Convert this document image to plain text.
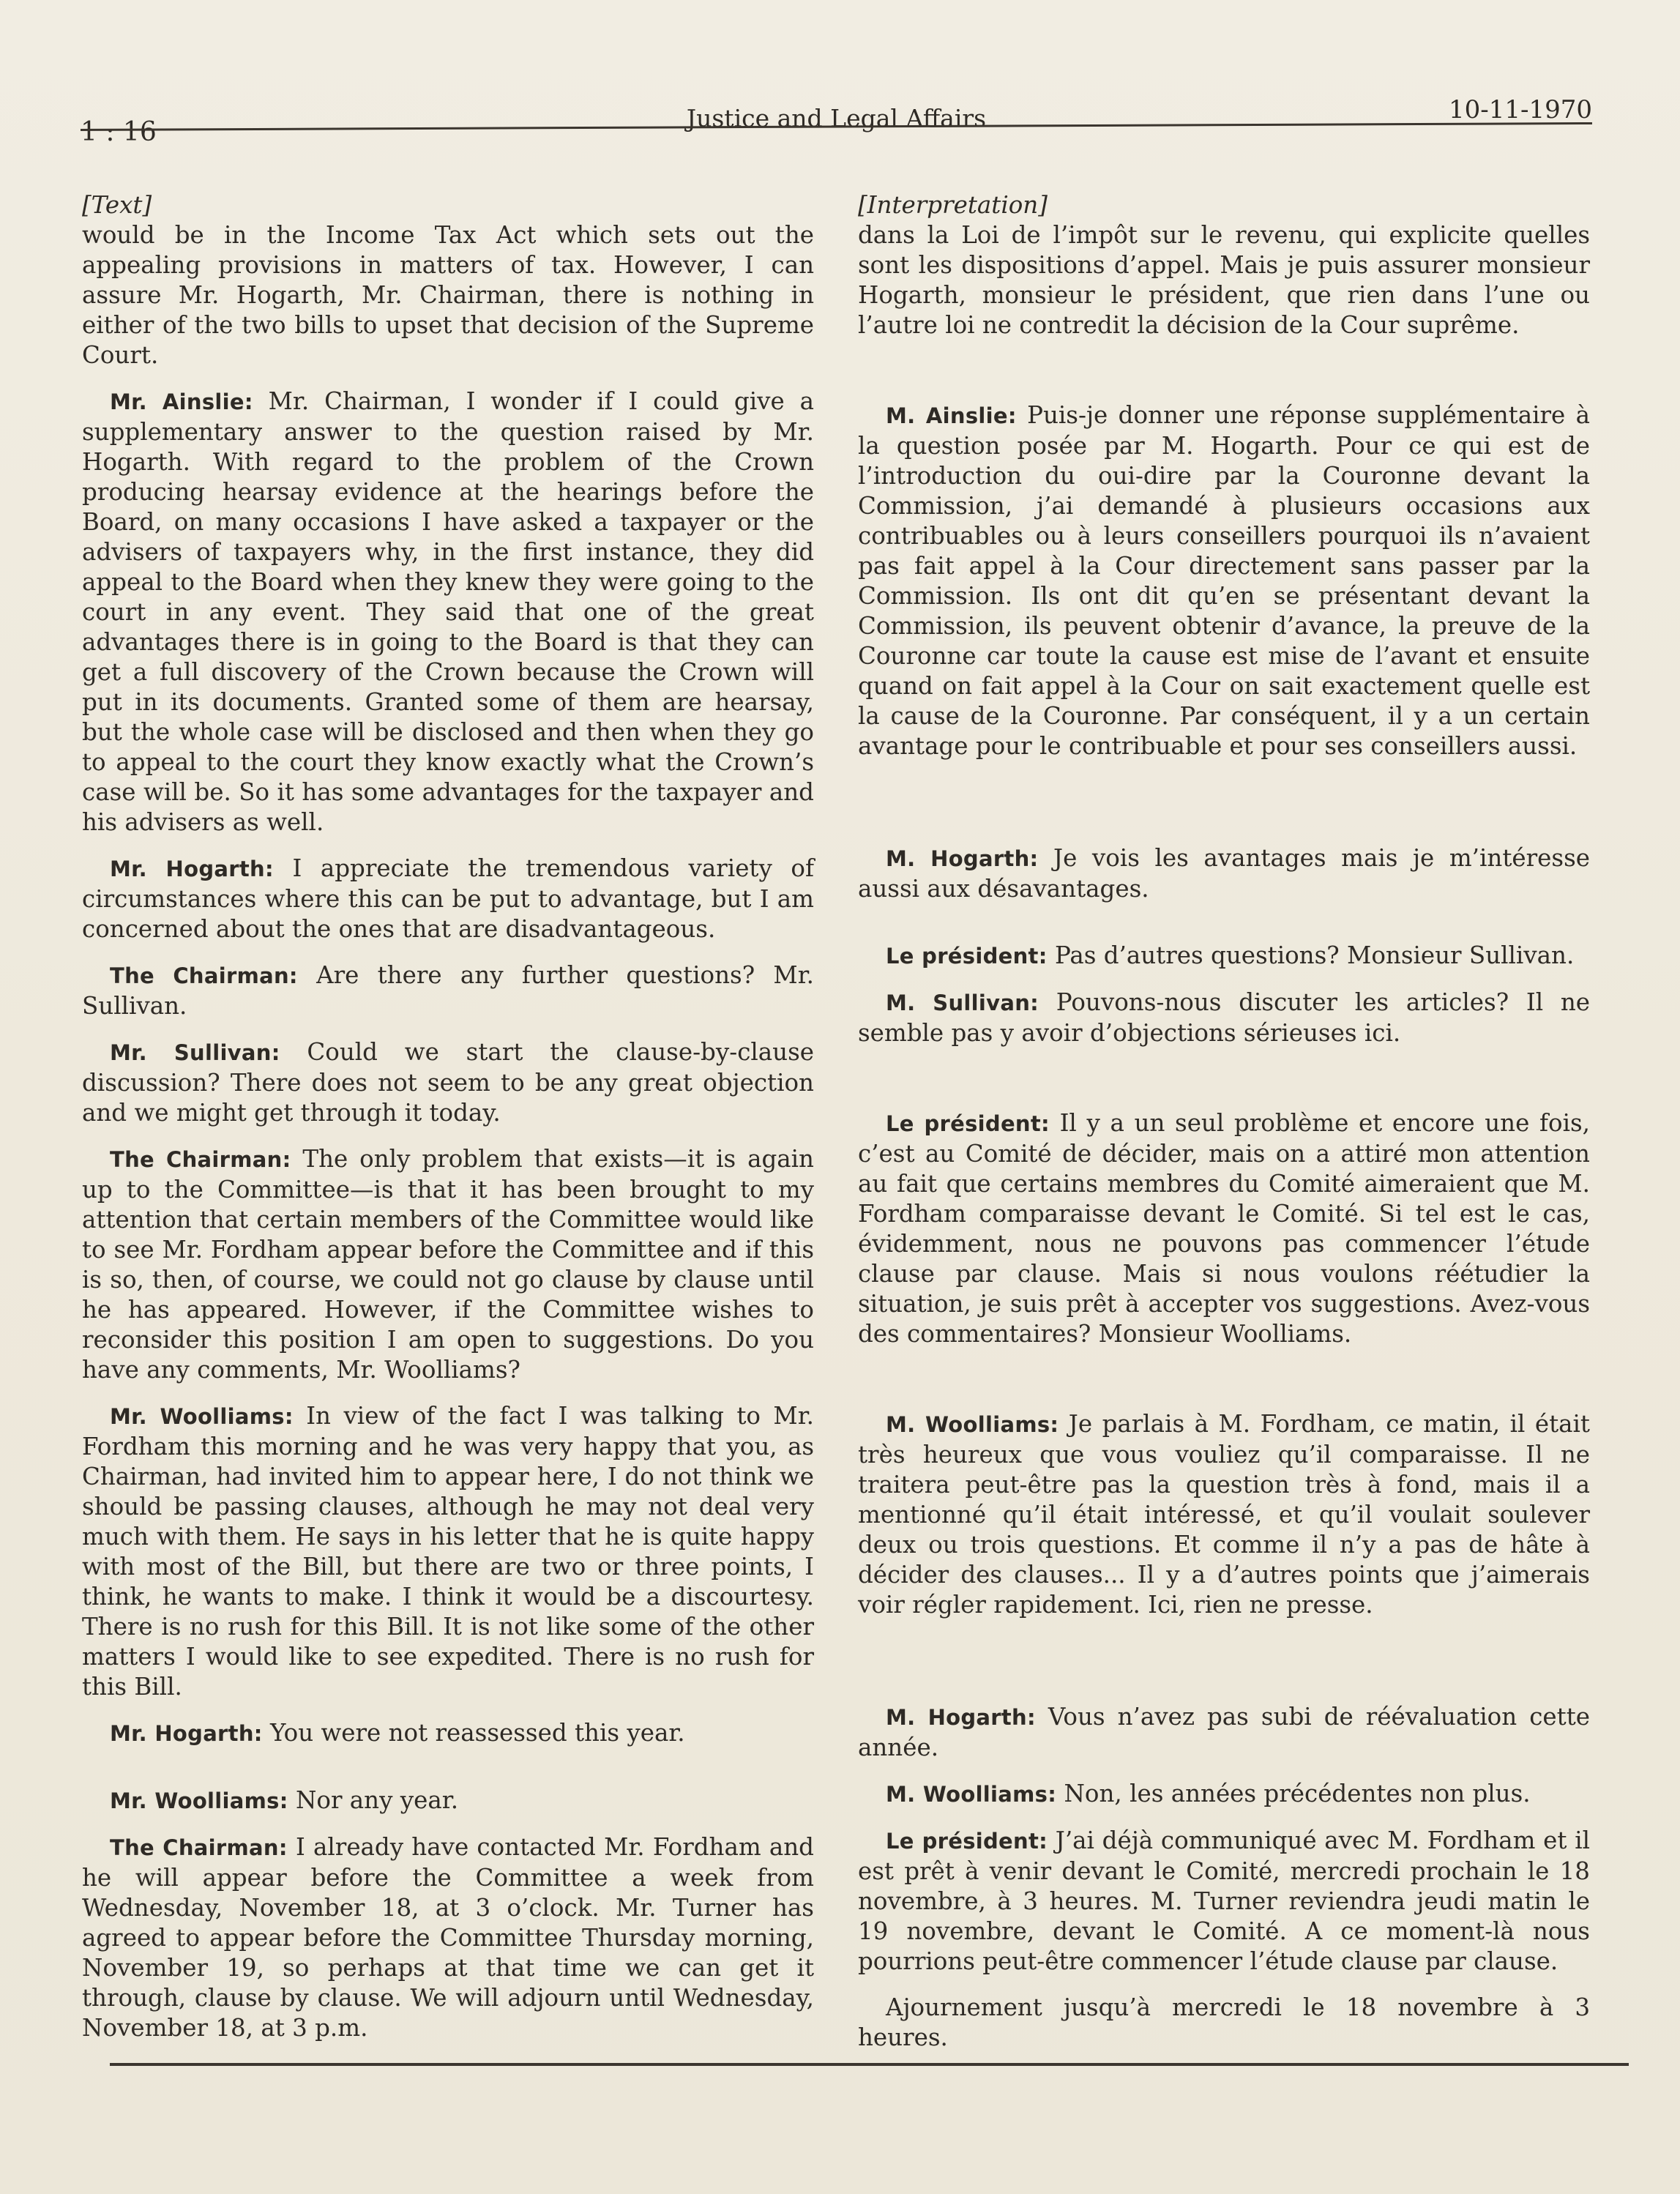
1 : 16	Justice and Legal Affairs	10-11-1970
[Text]

would be in the Income Tax Act which sets out the appealing provisions in matters of tax. However, I can assure Mr. Hogarth, Mr. Chairman, there is nothing in either of the two bills to upset that decision of the Supreme Court.

Mr. Ainslie: Mr. Chairman, I wonder if I could give a supplementary answer to the question raised by Mr. Hogarth. With regard to the problem of the Crown producing hearsay evidence at the hearings before the Board, on many occasions I have asked a taxpayer or the advisers of taxpayers why, in the first instance, they did appeal to the Board when they knew they were going to the court in any event. They said that one of the great advantages there is in going to the Board is that they can get a full discovery of the Crown because the Crown will put in its documents. Granted some of them are hearsay, but the whole case will be disclosed and then when they go to appeal to the court they know exactly what the Crown’s case will be. So it has some advantages for the taxpayer and his advisers as well.

Mr. Hogarth: I appreciate the tremendous variety of circumstances where this can be put to advantage, but I am concerned about the ones that are disadvantageous.

The Chairman: Are there any further questions? Mr. Sullivan.

Mr. Sullivan: Could we start the clause-by-clause discussion? There does not seem to be any great objection and we might get through it today.

The Chairman: The only problem that exists—it is again up to the Committee—is that it has been brought to my attention that certain members of the Committee would like to see Mr. Fordham appear before the Committee and if this is so, then, of course, we could not go clause by clause until he has appeared. However, if the Committee wishes to reconsider this position I am open to suggestions. Do you have any comments, Mr. Woolliams?

Mr. Woolliams: In view of the fact I was talking to Mr. Fordham this morning and he was very happy that you, as Chairman, had invited him to appear here, I do not think we should be passing clauses, although he may not deal very much with them. He says in his letter that he is quite happy with most of the Bill, but there are two or three points, I think, he wants to make. I think it would be a discourtesy. There is no rush for this Bill. It is not like some of the other matters I would like to see expedited. There is no rush for this Bill.

Mr. Hogarth: You were not reassessed this year.

Mr. Woolliams: Nor any year.

The Chairman: I already have contacted Mr. Fordham and he will appear before the Committee a week from Wednesday, November 18, at 3 o’clock. Mr. Turner has agreed to appear before the Committee Thursday morning, November 19, so perhaps at that time we can get it through, clause by clause. We will adjourn until Wednesday, November 18, at 3 p.m.

[Interpretation]

dans la Loi de l’impôt sur le revenu, qui explicite quelles sont les dispositions d’appel. Mais je puis assurer monsieur Hogarth, monsieur le président, que rien dans l’une ou l’autre loi ne contredit la décision de la Cour suprême.

M. Ainslie: Puis-je donner une réponse supplémentaire à la question posée par M. Hogarth. Pour ce qui est de l’introduction du oui-dire par la Couronne devant la Commission, j’ai demandé à plusieurs occasions aux contribuables ou à leurs conseillers pourquoi ils n’avaient pas fait appel à la Cour directement sans passer par la Commission. Ils ont dit qu’en se présentant devant la Commission, ils peuvent obtenir d’avance, la preuve de la Couronne car toute la cause est mise de l’avant et ensuite quand on fait appel à la Cour on sait exactement quelle est la cause de la Couronne. Par conséquent, il y a un certain avantage pour le contribuable et pour ses conseillers aussi.

M. Hogarth: Je vois les avantages mais je m’intéresse aussi aux désavantages.

Le président: Pas d’autres questions? Monsieur Sullivan.

M. Sullivan: Pouvons-nous discuter les articles? Il ne semble pas y avoir d’objections sérieuses ici.

Le président: Il y a un seul problème et encore une fois, c’est au Comité de décider, mais on a attiré mon attention au fait que certains membres du Comité aimeraient que M. Fordham comparaisse devant le Comité. Si tel est le cas, évidemment, nous ne pouvons pas commencer l’étude clause par clause. Mais si nous voulons réétudier la situation, je suis prêt à accepter vos suggestions. Avez-vous des commentaires? Monsieur Woolliams.

M. Woolliams: Je parlais à M. Fordham, ce matin, il était très heureux que vous vouliez qu’il comparaisse. Il ne traitera peut-être pas la question très à fond, mais il a mentionné qu’il était intéressé, et qu’il voulait soulever deux ou trois questions. Et comme il n’y a pas de hâte à décider des clauses... Il y a d’autres points que j’aimerais voir régler rapidement. Ici, rien ne presse.

M. Hogarth: Vous n’avez pas subi de réévaluation cette année.

M. Woolliams: Non, les années précédentes non plus.

Le président: J’ai déjà communiqué avec M. Fordham et il est prêt à venir devant le Comité, mercredi prochain le 18 novembre, à 3 heures. M. Turner reviendra jeudi matin le 19 novembre, devant le Comité. A ce moment-là nous pourrions peut-être commencer l’étude clause par clause.

Ajournement jusqu’à mercredi le 18 novembre à 3 heures.
